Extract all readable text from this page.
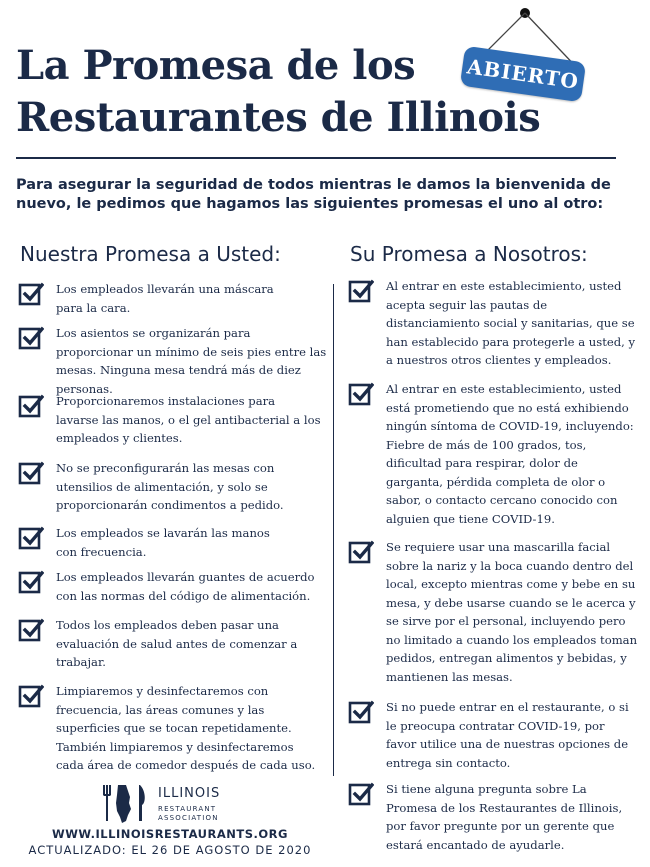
La Promesa de los
Restaurantes de Illinois
ABIERTO

Para asegurar la seguridad de todos mientras le damos la bienvenida de nuevo, le pedimos que hagamos las siguientes promesas el uno al otro:

Nuestra Promesa a Usted:	Su Promesa a Nosotros:
Los empleados llevarán una máscara para la cara.
Los asientos se organizarán para proporcionar un mínimo de seis pies entre las mesas. Ninguna mesa tendrá más de diez personas.
Proporcionaremos instalaciones para lavarse las manos, o el gel antibacterial a los empleados y clientes.
No se preconfigurarán las mesas con utensilios de alimentación, y solo se proporcionarán condimentos a pedido.
Los empleados se lavarán las manos con frecuencia.
Los empleados llevarán guantes de acuerdo con las normas del código de alimentación.
Todos los empleados deben pasar una evaluación de salud antes de comenzar a trabajar.
Limpiaremos y desinfectaremos con frecuencia, las áreas comunes y las superficies que se tocan repetidamente. También limpiaremos y desinfectaremos cada área de comedor después de cada uso.
Al entrar en este establecimiento, usted acepta seguir las pautas de distanciamiento social y sanitarias, que se han establecido para protegerle a usted, y a nuestros otros clientes y empleados.
Al entrar en este establecimiento, usted está prometiendo que no está exhibiendo ningún síntoma de COVID-19, incluyendo: Fiebre de más de 100 grados, tos, dificultad para respirar, dolor de garganta, pérdida completa de olor o sabor, o contacto cercano conocido con alguien que tiene COVID-19.
Se requiere usar una mascarilla facial sobre la nariz y la boca cuando dentro del local, excepto mientras come y bebe en su mesa, y debe usarse cuando se le acerca y se sirve por el personal, incluyendo pero no limitado a cuando los empleados toman pedidos, entregan alimentos y bebidas, y mantienen las mesas.
Si no puede entrar en el restaurante, o si le preocupa contratar COVID-19, por favor utilice una de nuestras opciones de entrega sin contacto.
Si tiene alguna pregunta sobre La Promesa de los Restaurantes de Illinois, por favor pregunte por un gerente que estará encantado de ayudarle.
ILLINOIS
RESTAURANT
ASSOCIATION
WWW.ILLINOISRESTAURANTS.ORG
ACTUALIZADO: EL 26 DE AGOSTO DE 2020
